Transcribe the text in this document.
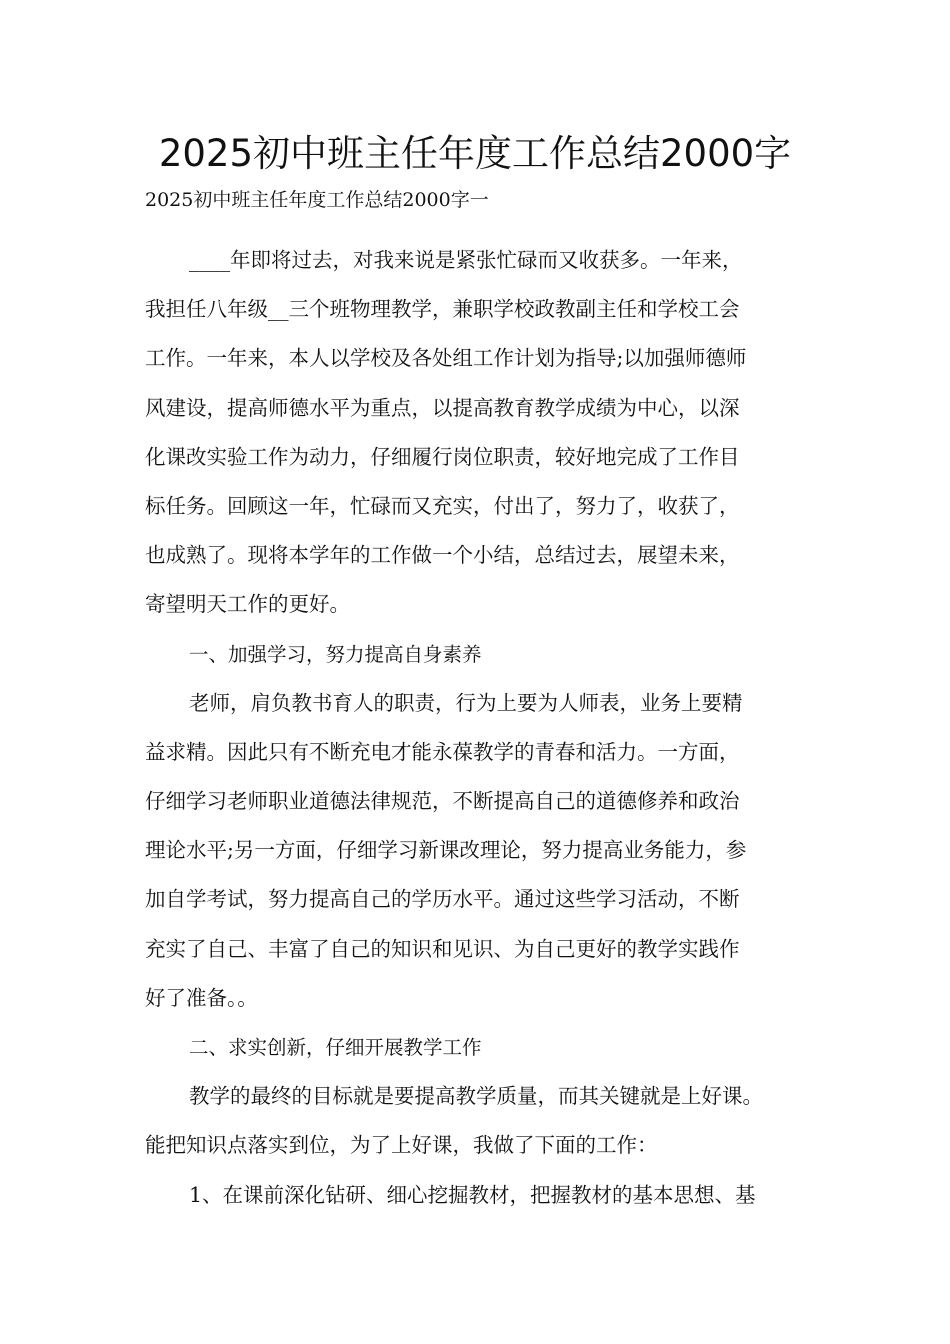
2025初中班主任年度工作总结2000字

2025初中班主任年度工作总结2000字一

____年即将过去，对我来说是紧张忙碌而又收获多。一年来，
我担任八年级__三个班物理教学，兼职学校政教副主任和学校工会
工作。一年来，本人以学校及各处组工作计划为指导;以加强师德师
风建设，提高师德水平为重点，以提高教育教学成绩为中心，以深
化课改实验工作为动力，仔细履行岗位职责，较好地完成了工作目
标任务。回顾这一年，忙碌而又充实，付出了，努力了，收获了，
也成熟了。现将本学年的工作做一个小结，总结过去，展望未来，
寄望明天工作的更好。
一、加强学习，努力提高自身素养
老师，肩负教书育人的职责，行为上要为人师表，业务上要精
益求精。因此只有不断充电才能永葆教学的青春和活力。一方面，
仔细学习老师职业道德法律规范，不断提高自己的道德修养和政治
理论水平;另一方面，仔细学习新课改理论，努力提高业务能力，参
加自学考试，努力提高自己的学历水平。通过这些学习活动，不断
充实了自己、丰富了自己的知识和见识、为自己更好的教学实践作
好了准备。。
二、求实创新，仔细开展教学工作
教学的最终的目标就是要提高教学质量，而其关键就是上好课。
能把知识点落实到位，为了上好课，我做了下面的工作：
1、在课前深化钻研、细心挖掘教材，把握教材的基本思想、基
